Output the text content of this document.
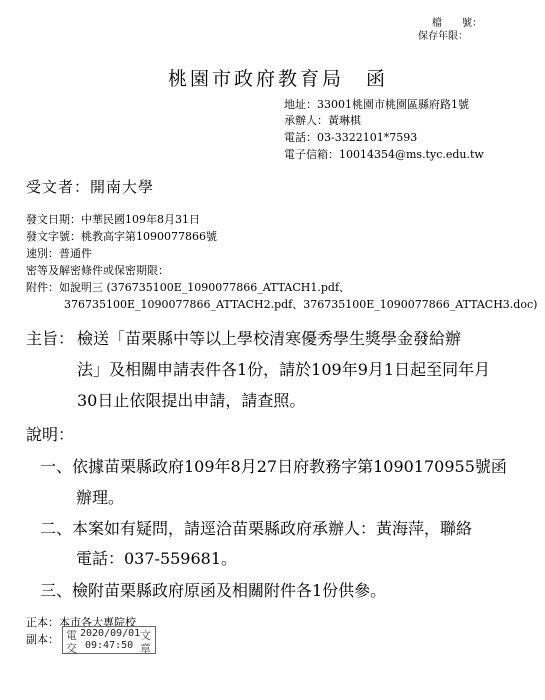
檔　　號：
保存年限：
桃園市政府教育局　函
地址：33001桃園市桃園區縣府路1號
承辦人：黃琳棋
電話：03-3322101*7593
電子信箱：10014354@ms.tyc.edu.tw
受文者：開南大學
發文日期：中華民國109年8月31日
發文字號：桃教高字第1090077866號
速別：普通件
密等及解密條件或保密期限：
附件：如說明三 (376735100E_1090077866_ATTACH1.pdf、
376735100E_1090077866_ATTACH2.pdf、376735100E_1090077866_ATTACH3.doc)
主旨： 檢送「苗栗縣中等以上學校清寒優秀學生獎學金發給辦
法」及相關申請表件各1份，請於109年9月1日起至同年月
30日止依限提出申請，請查照。
說明：
一、依據苗栗縣政府109年8月27日府教務字第1090170955號函
辦理。
二、本案如有疑問，請逕洽苗栗縣政府承辦人：黃海萍，聯絡
電話：037-559681。
三、檢附苗栗縣政府原函及相關附件各1份供參。
正本：本市各大專院校
副本： 電	文
交	章
2020/09/01
09:47:50
